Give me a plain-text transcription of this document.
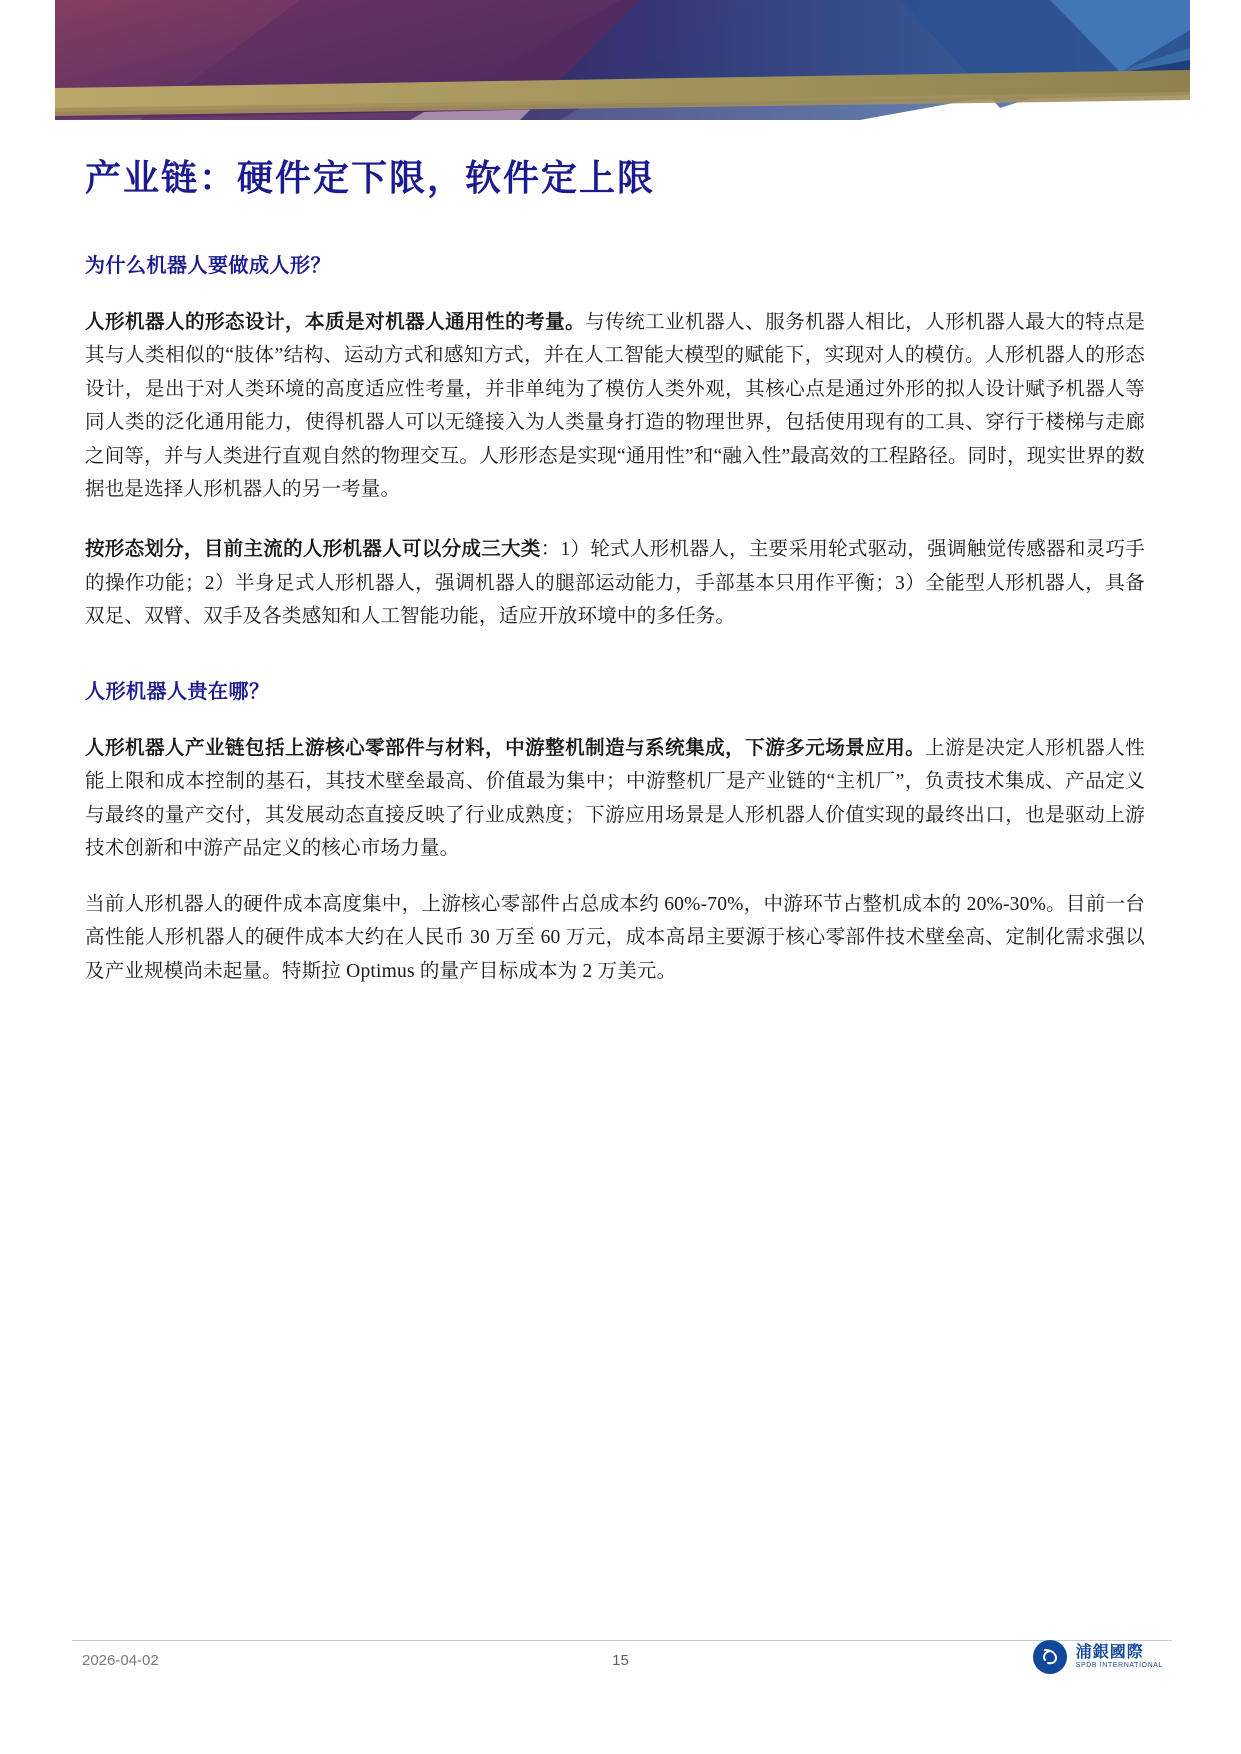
产业链：硬件定下限，软件定上限
为什么机器人要做成人形？

人形机器人的形态设计，本质是对机器人通用性的考量。与传统工业机器人、服务机器人相比，人形机器人最大的特点是其与人类相似的“肢体”结构、运动方式和感知方式，并在人工智能大模型的赋能下，实现对人的模仿。人形机器人的形态设计，是出于对人类环境的高度适应性考量，并非单纯为了模仿人类外观，其核心点是通过外形的拟人设计赋予机器人等同人类的泛化通用能力，使得机器人可以无缝接入为人类量身打造的物理世界，包括使用现有的工具、穿行于楼梯与走廊之间等，并与人类进行直观自然的物理交互。人形形态是实现“通用性”和“融入性”最高效的工程路径。同时，现实世界的数据也是选择人形机器人的另一考量。

按形态划分，目前主流的人形机器人可以分成三大类：1）轮式人形机器人，主要采用轮式驱动，强调触觉传感器和灵巧手的操作功能；2）半身足式人形机器人，强调机器人的腿部运动能力，手部基本只用作平衡；3）全能型人形机器人，具备双足、双臂、双手及各类感知和人工智能功能，适应开放环境中的多任务。

人形机器人贵在哪？

人形机器人产业链包括上游核心零部件与材料，中游整机制造与系统集成，下游多元场景应用。上游是决定人形机器人性能上限和成本控制的基石，其技术壁垒最高、价值最为集中；中游整机厂是产业链的“主机厂”，负责技术集成、产品定义与最终的量产交付，其发展动态直接反映了行业成熟度；下游应用场景是人形机器人价值实现的最终出口，也是驱动上游技术创新和中游产品定义的核心市场力量。

当前人形机器人的硬件成本高度集中，上游核心零部件占总成本约 60%-70%，中游环节占整机成本的 20%-30%。目前一台高性能人形机器人的硬件成本大约在人民币 30 万至 60 万元，成本高昂主要源于核心零部件技术壁垒高、定制化需求强以及产业规模尚未起量。特斯拉 Optimus 的量产目标成本为 2 万美元。

2026-04-02	15	浦銀國際
SPDB INTERNATIONAL
